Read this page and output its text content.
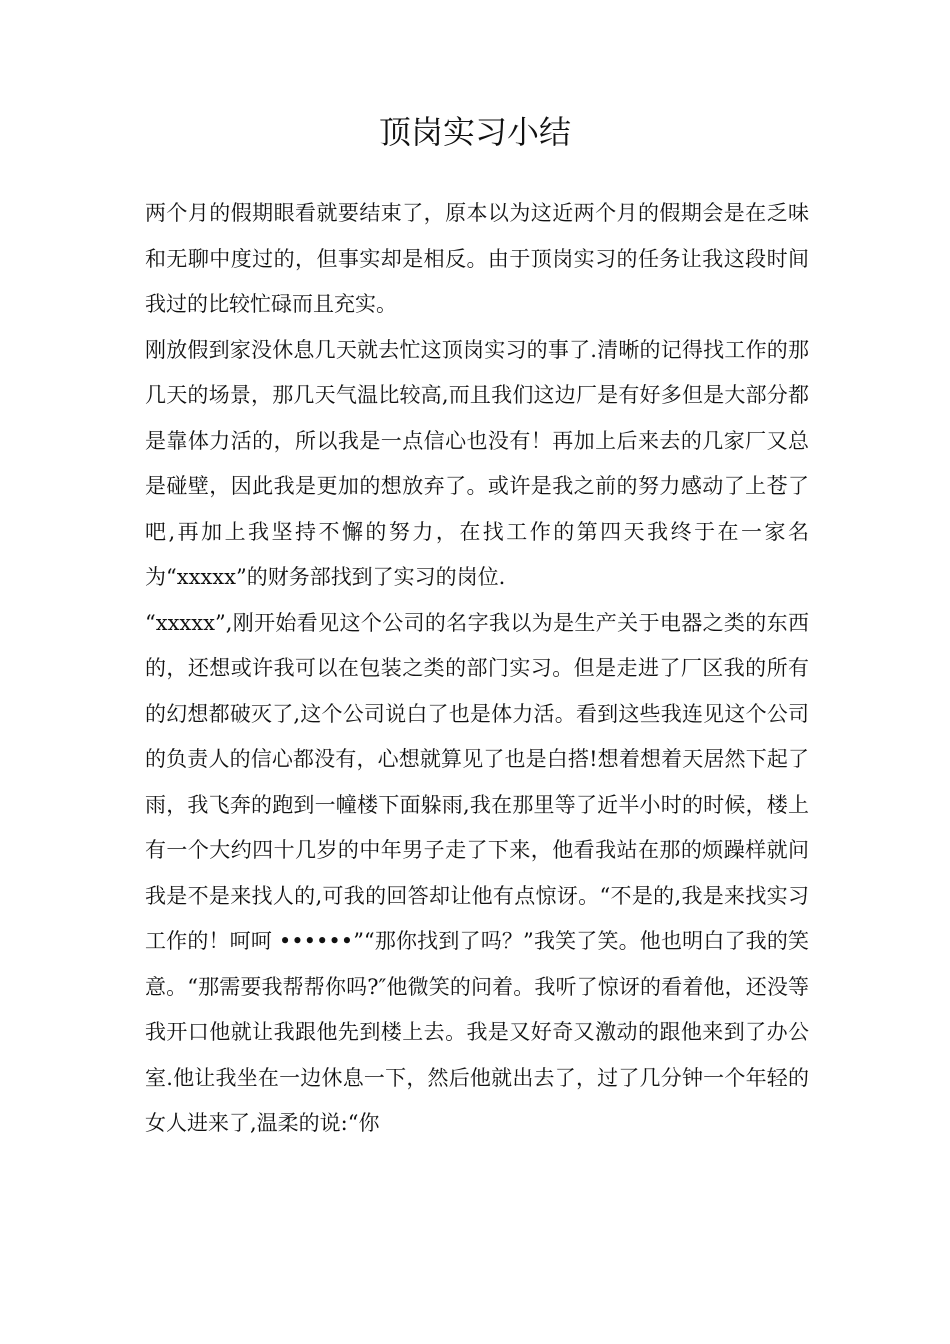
顶岗实习小结

两个月的假期眼看就要结束了，原本以为这近两个月的假期会是在乏味和无聊中度过的，但事实却是相反。由于顶岗实习的任务让我这段时间我过的比较忙碌而且充实。

刚放假到家没休息几天就去忙这顶岗实习的事了.清晰的记得找工作的那几天的场景，那几天气温比较高,而且我们这边厂是有好多但是大部分都是靠体力活的，所以我是一点信心也没有！再加上后来去的几家厂又总是碰壁，因此我是更加的想放弃了。或许是我之前的努力感动了上苍了吧,再加上我坚持不懈的努力，在找工作的第四天我终于在一家名为“xxxxx”的财务部找到了实习的岗位.

“xxxxx”,刚开始看见这个公司的名字我以为是生产关于电器之类的东西的，还想或许我可以在包装之类的部门实习。但是走进了厂区我的所有的幻想都破灭了,这个公司说白了也是体力活。看到这些我连见这个公司的负责人的信心都没有，心想就算见了也是白搭!想着想着天居然下起了雨，我飞奔的跑到一幢楼下面躲雨,我在那里等了近半小时的时候，楼上有一个大约四十几岁的中年男子走了下来，他看我站在那的烦躁样就问我是不是来找人的,可我的回答却让他有点惊讶。“不是的,我是来找实习工作的！呵呵 ••••••”“那你找到了吗？”我笑了笑。他也明白了我的笑意。“那需要我帮帮你吗?″他微笑的问着。我听了惊讶的看着他，还没等我开口他就让我跟他先到楼上去。我是又好奇又激动的跟他来到了办公室.他让我坐在一边休息一下，然后他就出去了，过了几分钟一个年轻的女人进来了,温柔的说:“你
